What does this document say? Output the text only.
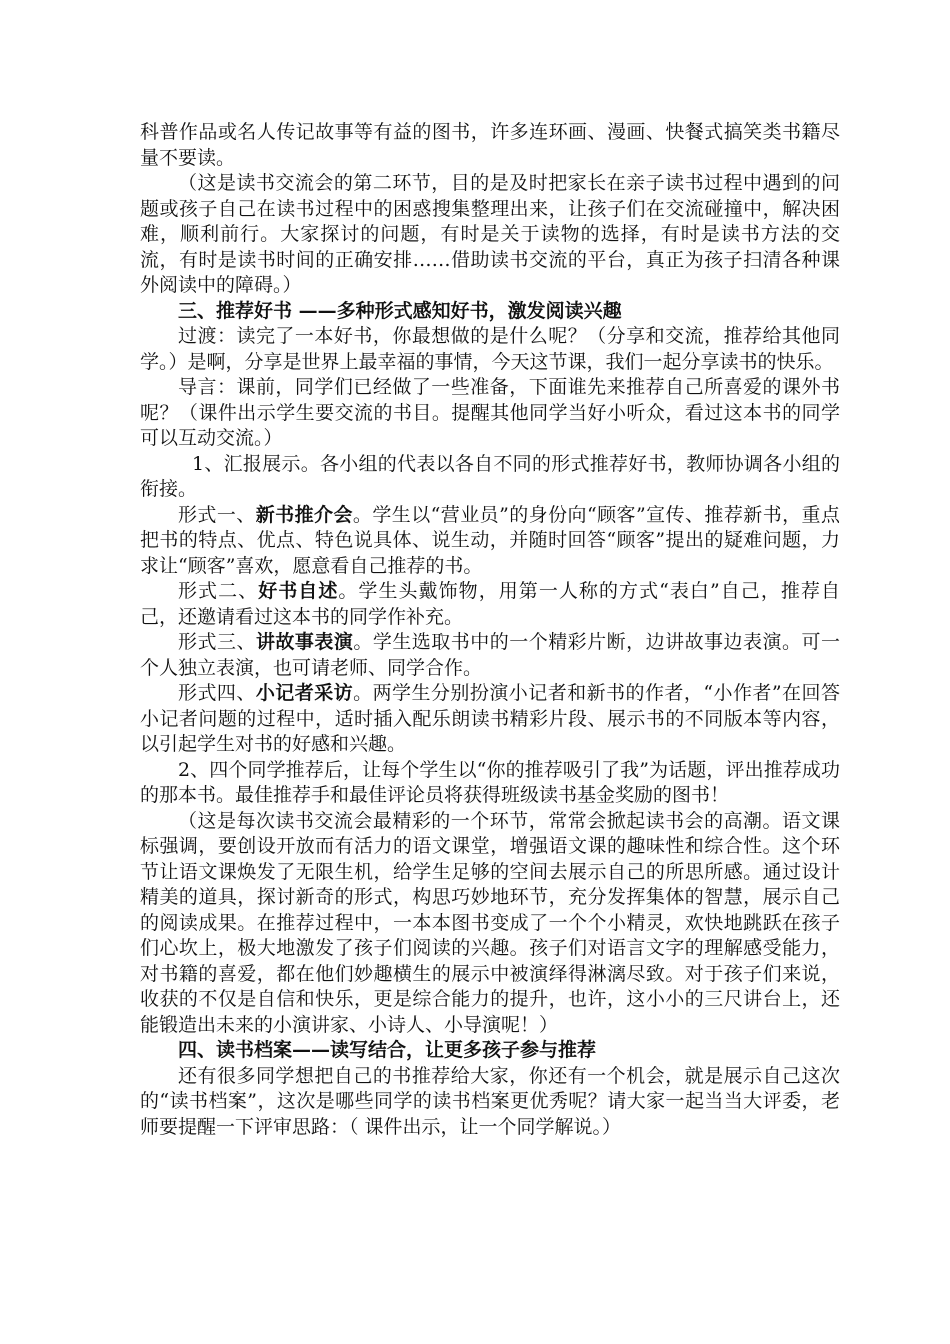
科普作品或名人传记故事等有益的图书，许多连环画、漫画、快餐式搞笑类书籍尽量不要读。

（这是读书交流会的第二环节，目的是及时把家长在亲子读书过程中遇到的问题或孩子自己在读书过程中的困惑搜集整理出来，让孩子们在交流碰撞中，解决困难，顺利前行。大家探讨的问题，有时是关于读物的选择，有时是读书方法的交流，有时是读书时间的正确安排……借助读书交流的平台，真正为孩子扫清各种课外阅读中的障碍。）

三、推荐好书 ——多种形式感知好书，激发阅读兴趣

过渡：读完了一本好书，你最想做的是什么呢？（分享和交流，推荐给其他同学。）是啊，分享是世界上最幸福的事情，今天这节课，我们一起分享读书的快乐。

导言：课前，同学们已经做了一些准备，下面谁先来推荐自己所喜爱的课外书呢？（课件出示学生要交流的书目。提醒其他同学当好小听众，看过这本书的同学可以互动交流。）

1、汇报展示。各小组的代表以各自不同的形式推荐好书，教师协调各小组的衔接。

形式一、新书推介会。学生以“营业员”的身份向“顾客”宣传、推荐新书，重点把书的特点、优点、特色说具体、说生动，并随时回答“顾客”提出的疑难问题，力求让“顾客”喜欢，愿意看自己推荐的书。

形式二、好书自述。学生头戴饰物，用第一人称的方式“表白”自己，推荐自己，还邀请看过这本书的同学作补充。

形式三、讲故事表演。学生选取书中的一个精彩片断，边讲故事边表演。可一个人独立表演，也可请老师、同学合作。

形式四、小记者采访。两学生分别扮演小记者和新书的作者，“小作者”在回答小记者问题的过程中，适时插入配乐朗读书精彩片段、展示书的不同版本等内容，以引起学生对书的好感和兴趣。

2、四个同学推荐后，让每个学生以“你的推荐吸引了我”为话题，评出推荐成功的那本书。最佳推荐手和最佳评论员将获得班级读书基金奖励的图书！

（这是每次读书交流会最精彩的一个环节，常常会掀起读书会的高潮。语文课标强调，要创设开放而有活力的语文课堂，增强语文课的趣味性和综合性。这个环节让语文课焕发了无限生机，给学生足够的空间去展示自己的所思所感。通过设计精美的道具，探讨新奇的形式，构思巧妙地环节，充分发挥集体的智慧，展示自己的阅读成果。在推荐过程中，一本本图书变成了一个个小精灵，欢快地跳跃在孩子们心坎上，极大地激发了孩子们阅读的兴趣。孩子们对语言文字的理解感受能力，对书籍的喜爱，都在他们妙趣横生的展示中被演绎得淋漓尽致。对于孩子们来说，收获的不仅是自信和快乐，更是综合能力的提升，也许，这小小的三尺讲台上，还能锻造出未来的小演讲家、小诗人、小导演呢！）

四、读书档案——读写结合，让更多孩子参与推荐

还有很多同学想把自己的书推荐给大家，你还有一个机会，就是展示自己这次的“读书档案”，这次是哪些同学的读书档案更优秀呢？请大家一起当当大评委，老师要提醒一下评审思路：（ 课件出示，让一个同学解说。）
